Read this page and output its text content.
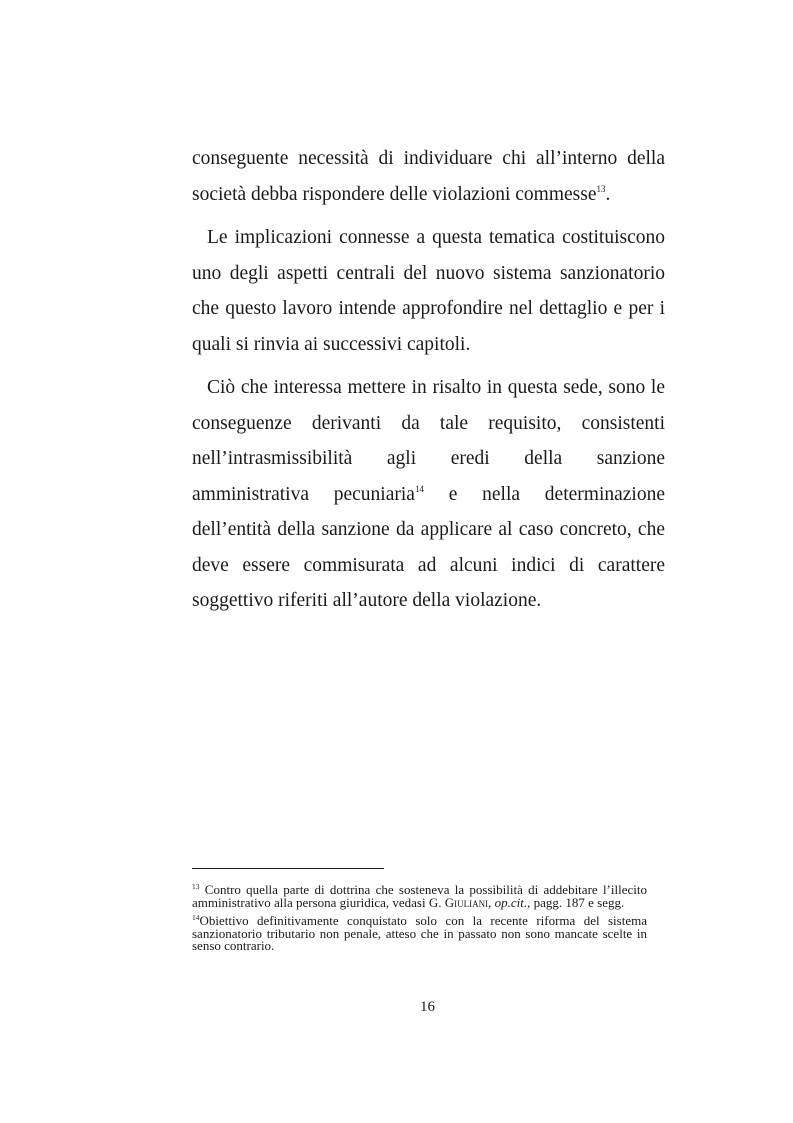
conseguente necessità di individuare chi all’interno della società debba rispondere delle violazioni commesse$^{13}$.

Le implicazioni connesse a questa tematica costituiscono uno degli aspetti centrali del nuovo sistema sanzionatorio che questo lavoro intende approfondire nel dettaglio e per i quali si rinvia ai successivi capitoli.

Ciò che interessa mettere in risalto in questa sede, sono le conseguenze derivanti da tale requisito, consistenti nell’intrasmissibilità agli eredi della sanzione amministrativa pecuniaria$^{14}$ e nella determinazione dell’entità della sanzione da applicare al caso concreto, che deve essere commisurata ad alcuni indici di carattere soggettivo riferiti all’autore della violazione.

$^{13}$ Contro quella parte di dottrina che sosteneva la possibilità di addebitare l’illecito amministrativo alla persona giuridica, vedasi G. Giuliani, op.cit., pagg. 187 e segg.

$^{14}$Obiettivo definitivamente conquistato solo con la recente riforma del sistema sanzionatorio tributario non penale, atteso che in passato non sono mancate scelte in senso contrario.

16
